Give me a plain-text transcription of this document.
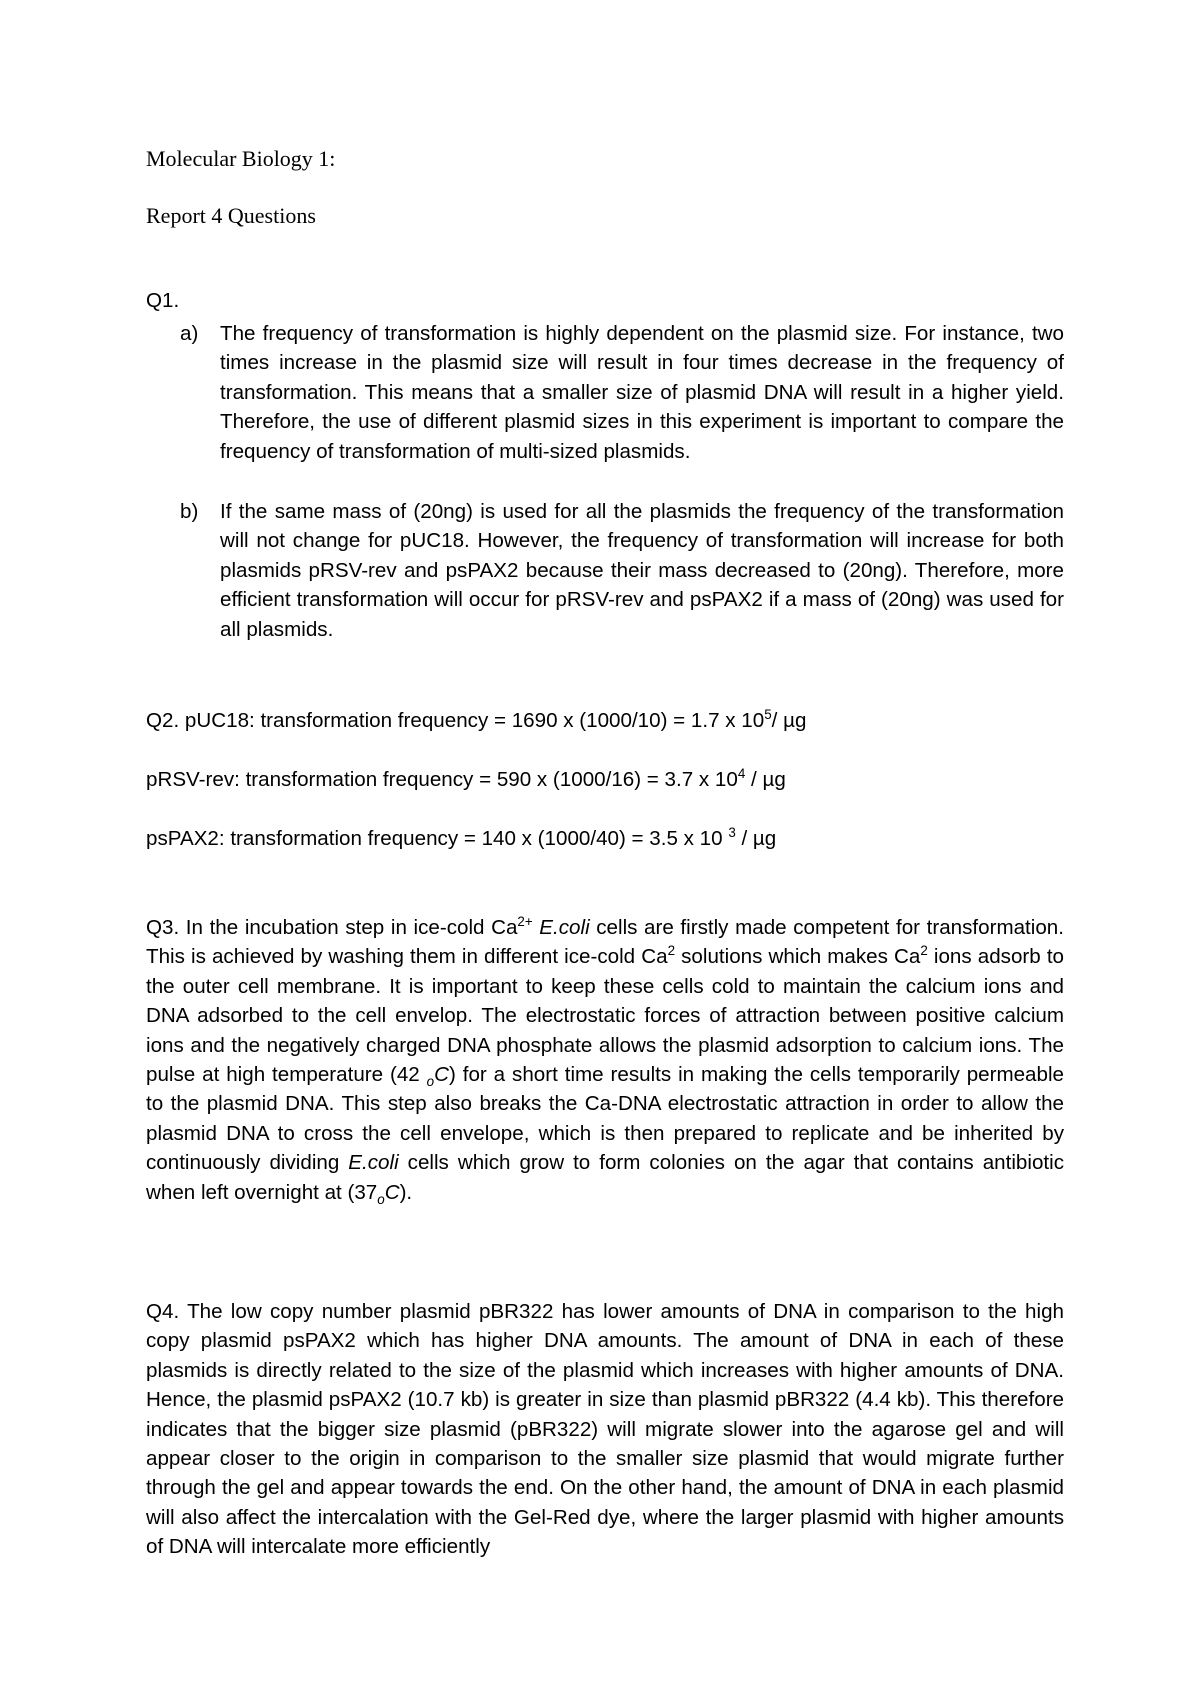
Molecular Biology 1:
Report 4 Questions
Q1.
a)	The frequency of transformation is highly dependent on the plasmid size. For instance, two times increase in the plasmid size will result in four times decrease in the frequency of transformation. This means that a smaller size of plasmid DNA will result in a higher yield. Therefore, the use of different plasmid sizes in this experiment is important to compare the frequency of transformation of multi-sized plasmids.
b)	If the same mass of (20ng) is used for all the plasmids the frequency of the transformation will not change for pUC18. However, the frequency of transformation will increase for both plasmids pRSV-rev and psPAX2 because their mass decreased to (20ng). Therefore, more efficient transformation will occur for pRSV-rev and psPAX2 if a mass of (20ng) was used for all plasmids.
Q2. pUC18: transformation frequency = 1690 x (1000/10) = 1.7 x $10^5/$ µg
pRSV-rev: transformation frequency = 590 x (1000/16) = 3.7 x $10^4$ / µg
psPAX2: transformation frequency = 140 x (1000/40) = 3.5 x 10 $^3$ / µg
Q3. In the incubation step in ice-cold $Ca^{2+}$ E.coli cells are firstly made competent for transformation. This is achieved by washing them in different ice-cold Ca$^2$ solutions which makes Ca$^2$ ions adsorb to the outer cell membrane. It is important to keep these cells cold to maintain the calcium ions and DNA adsorbed to the cell envelop. The electrostatic forces of attraction between positive calcium ions and the negatively charged DNA phosphate allows the plasmid adsorption to calcium ions. The pulse at high temperature (42 $_o$C) for a short time results in making the cells temporarily permeable to the plasmid DNA. This step also breaks the Ca-DNA electrostatic attraction in order to allow the plasmid DNA to cross the cell envelope, which is then prepared to replicate and be inherited by continuously dividing E.coli cells which grow to form colonies on the agar that contains antibiotic when left overnight at $(37_oC)$.
Q4. The low copy number plasmid pBR322 has lower amounts of DNA in comparison to the high copy plasmid psPAX2 which has higher DNA amounts. The amount of DNA in each of these plasmids is directly related to the size of the plasmid which increases with higher amounts of DNA. Hence, the plasmid psPAX2 (10.7 kb) is greater in size than plasmid pBR322 (4.4 kb). This therefore indicates that the bigger size plasmid (pBR322) will migrate slower into the agarose gel and will appear closer to the origin in comparison to the smaller size plasmid that would migrate further through the gel and appear towards the end. On the other hand, the amount of DNA in each plasmid will also affect the intercalation with the Gel-Red dye, where the larger plasmid with higher amounts of DNA will intercalate more efficiently
